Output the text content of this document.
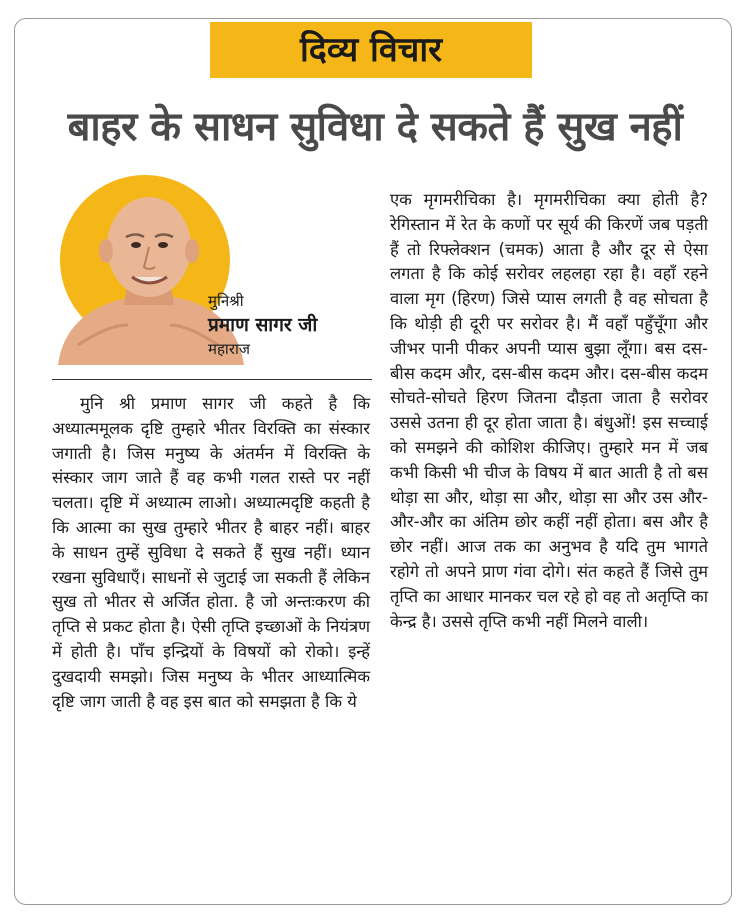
दिव्य विचार
बाहर के साधन सुविधा दे सकते हैं सुख नहीं
मुनिश्री
प्रमाण सागर जी
महाराज

मुनि श्री प्रमाण सागर जी कहते है कि अध्यात्ममूलक दृष्टि तुम्हारे भीतर विरक्ति का संस्कार जगाती है। जिस मनुष्य के अंतर्मन में विरक्ति के संस्कार जाग जाते हैं वह कभी गलत रास्ते पर नहीं चलता। दृष्टि में अध्यात्म लाओ। अध्यात्मदृष्टि कहती है कि आत्मा का सुख तुम्हारे भीतर है बाहर नहीं। बाहर के साधन तुम्हें सुविधा दे सकते हैं सुख नहीं। ध्यान रखना सुविधाएँ। साधनों से जुटाई जा सकती हैं लेकिन सुख तो भीतर से अर्जित होता. है जो अन्तःकरण की तृप्ति से प्रकट होता है। ऐसी तृप्ति इच्छाओं के नियंत्रण में होती है। पाँच इन्द्रियों के विषयों को रोको। इन्हें दुखदायी समझो। जिस मनुष्य के भीतर आध्यात्मिक दृष्टि जाग जाती है वह इस बात को समझता है कि ये

एक मृगमरीचिका है। मृगमरीचिका क्या होती है? रेगिस्तान में रेत के कणों पर सूर्य की किरणें जब पड़ती हैं तो रिफ्लेक्शन (चमक) आता है और दूर से ऐसा लगता है कि कोई सरोवर लहलहा रहा है। वहाँ रहने वाला मृग (हिरण) जिसे प्यास लगती है वह सोचता है कि थोड़ी ही दूरी पर सरोवर है। मैं वहाँ पहुँचूँगा और जीभर पानी पीकर अपनी प्यास बुझा लूँगा। बस दस-बीस कदम और, दस-बीस कदम और। दस-बीस कदम सोचते-सोचते हिरण जितना दौड़ता जाता है सरोवर उससे उतना ही दूर होता जाता है। बंधुओं! इस सच्चाई को समझने की कोशिश कीजिए। तुम्हारे मन में जब कभी किसी भी चीज के विषय में बात आती है तो बस थोड़ा सा और, थोड़ा सा और, थोड़ा सा और उस और-और-और का अंतिम छोर कहीं नहीं होता। बस और है छोर नहीं। आज तक का अनुभव है यदि तुम भागते रहोगे तो अपने प्राण गंवा दोगे। संत कहते हैं जिसे तुम तृप्ति का आधार मानकर चल रहे हो वह तो अतृप्ति का केन्द्र है। उससे तृप्ति कभी नहीं मिलने वाली।
